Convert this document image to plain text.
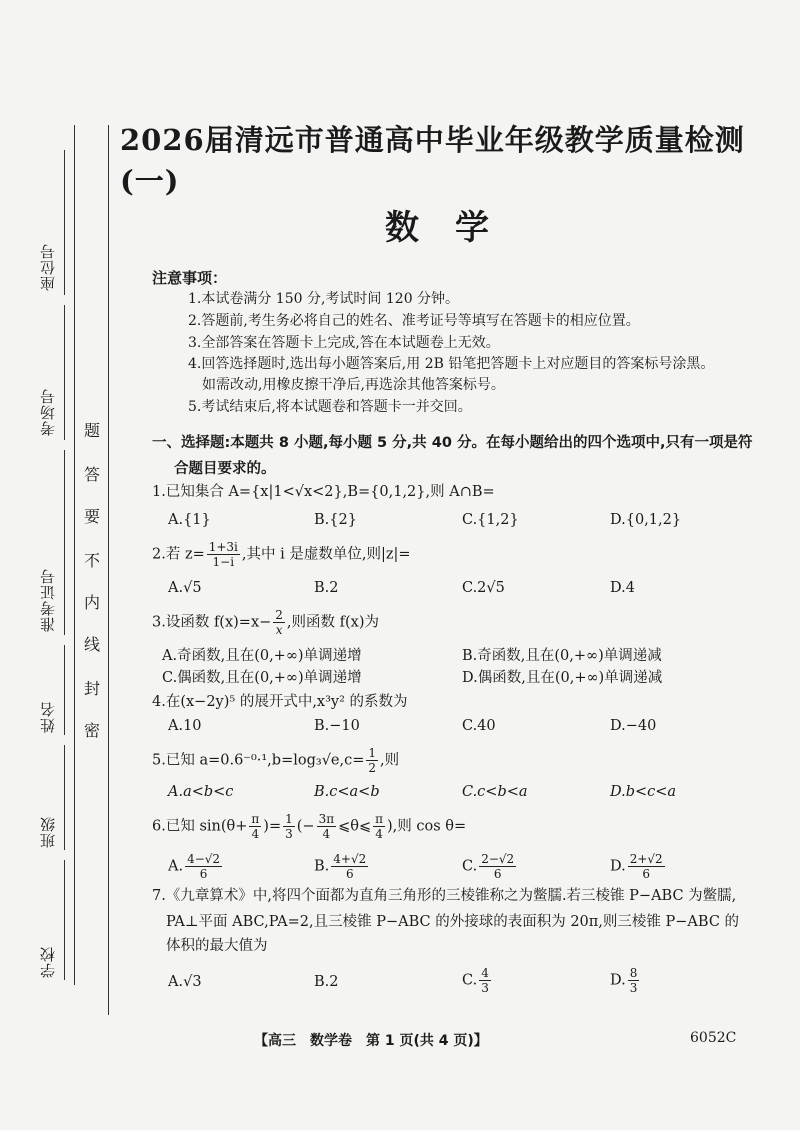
座位号
考场号
准考证号
姓名
班级
学校
题
答
要
不
内
线
封
密
2026届清远市普通高中毕业年级教学质量检测(一)
数学
注意事项：
1.本试卷满分 150 分,考试时间 120 分钟。
2.答题前,考生务必将自己的姓名、准考证号等填写在答题卡的相应位置。
3.全部答案在答题卡上完成,答在本试题卷上无效。
4.回答选择题时,选出每小题答案后,用 2B 铅笔把答题卡上对应题目的答案标号涂黑。
如需改动,用橡皮擦干净后,再选涂其他答案标号。
5.考试结束后,将本试题卷和答题卡一并交回。
一、选择题:本题共 8 小题,每小题 5 分,共 40 分。在每小题给出的四个选项中,只有一项是符
合题目要求的。
1.已知集合 A={x|1<√x<2},B={0,1,2},则 A∩B=
A.{1}	B.{2}	C.{1,2}	D.{0,1,2}
2.若 $z= \frac{1+3i}{1-i}$ ,其中 i 是虚数单位,则|z|=
A.√5	B.2	C.2√5	D.4
3.设函数 $f(x)=x- \frac{2}{x}$ ,则函数 f(x)为
A.奇函数,且在(0,+∞)单调递增	B.奇函数,且在(0,+∞)单调递减
C.偶函数,且在(0,+∞)单调递增	D.偶函数,且在(0,+∞)单调递减
4.在(x−2y)⁵ 的展开式中,x³y² 的系数为
A.10	B.−10	C.40	D.−40
5.已知 $a=0.6^{-0}\cdot^1,b=\log_3√e,c= \frac{1}{2}$ ,则
A.a<b<c	B.c<a<b	C.c<b<a	D.b<c<a
6.已知 $\sin(\theta+ \frac{\pi}{4}$ )= $\frac{1}{3}$ (− $\frac{3\pi}{4}$ ⩽θ⩽ $\frac{\pi}{4}$ ),则 cos θ=
A. $\frac{4-√2}{6}$	B. $\frac{4+√2}{6}$	C. $\frac{2-√2}{6}$	D. $\frac{2+√2}{6}$
7.《九章算术》中,将四个面都为直角三角形的三棱锥称之为鳖臑.若三棱锥 P−ABC 为鳖臑,
PA⊥平面 ABC,PA=2,且三棱锥 P−ABC 的外接球的表面积为 20π,则三棱锥 P−ABC 的
体积的最大值为
A.√3	B.2	C. $\frac{4}{3}$	D. $\frac{8}{3}$
【高三　数学卷　第 1 页(共 4 页)】	6052C
